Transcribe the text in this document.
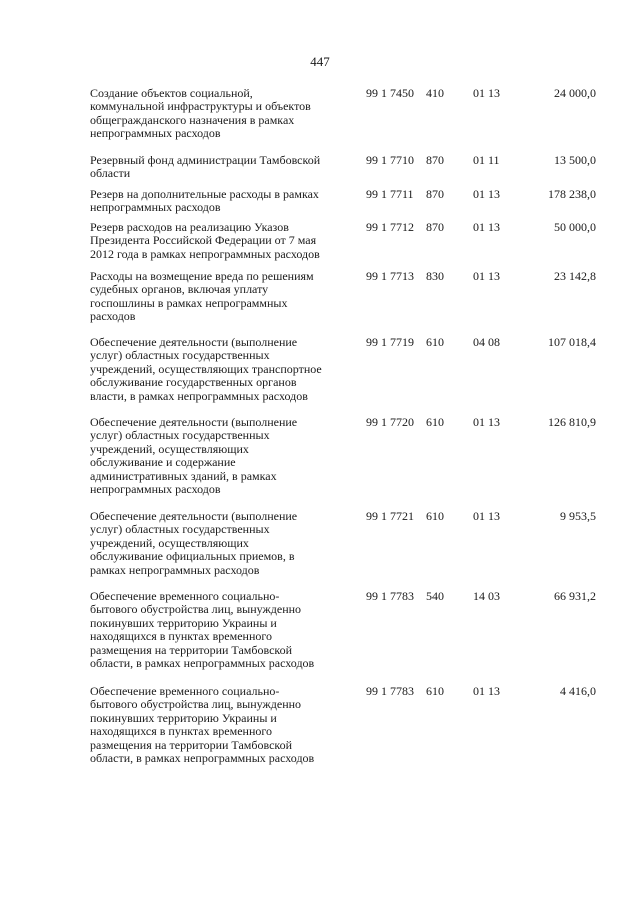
447
Создание объектов социальной,
коммунальной инфраструктуры и объектов
общегражданского назначения в рамках
непрограммных расходов
99 1 7450 410 01 13	24 000,0
Резервный фонд администрации Тамбовской
области
99 1 7710 870 01 11	13 500,0
Резерв на дополнительные расходы в рамках
непрограммных расходов
99 1 7711 870 01 13	178 238,0
Резерв расходов на реализацию Указов
Президента Российской Федерации от 7 мая
2012 года в рамках непрограммных расходов
99 1 7712 870 01 13	50 000,0
Расходы на возмещение вреда по решениям
судебных органов, включая уплату
госпошлины в рамках непрограммных
расходов
99 1 7713 830 01 13	23 142,8
Обеспечение деятельности (выполнение
услуг) областных государственных
учреждений, осуществляющих транспортное
обслуживание государственных органов
власти, в рамках непрограммных расходов
99 1 7719 610 04 08	107 018,4
Обеспечение деятельности (выполнение
услуг) областных государственных
учреждений, осуществляющих
обслуживание и содержание
административных зданий, в рамках
непрограммных расходов
99 1 7720 610 01 13	126 810,9
Обеспечение деятельности (выполнение
услуг) областных государственных
учреждений, осуществляющих
обслуживание официальных приемов, в
рамках непрограммных расходов
99 1 7721 610 01 13	9 953,5
Обеспечение временного социально-
бытового обустройства лиц, вынужденно
покинувших территорию Украины и
находящихся в пунктах временного
размещения на территории Тамбовской
области, в рамках непрограммных расходов
99 1 7783 540 14 03	66 931,2
Обеспечение временного социально-
бытового обустройства лиц, вынужденно
покинувших территорию Украины и
находящихся в пунктах временного
размещения на территории Тамбовской
области, в рамках непрограммных расходов
99 1 7783 610 01 13	4 416,0
